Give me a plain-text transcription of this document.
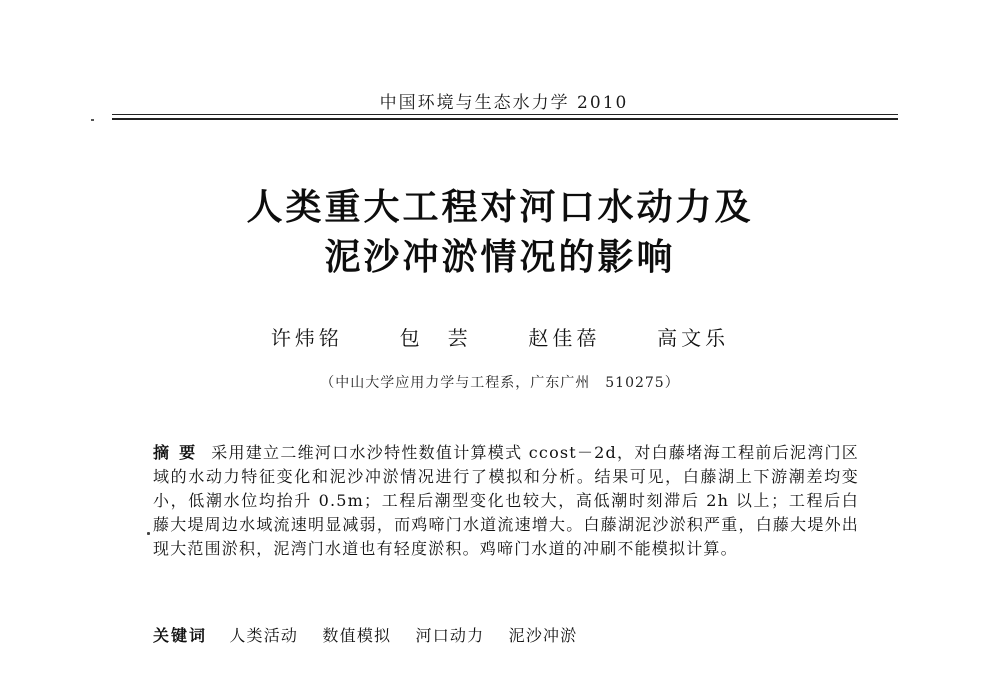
中国环境与生态水力学 2010
人类重大工程对河口水动力及
泥沙冲淤情况的影响
许炜铭 　	包　芸 　	赵佳蓓 　	高文乐
（中山大学应用力学与工程系，广东广州　510275）
摘要 采用建立二维河口水沙特性数值计算模式 ccost－2d，对白藤堵海工程前后泥湾门区域的水动力特征变化和泥沙冲淤情况进行了模拟和分析。结果可见，白藤湖上下游潮差均变小，低潮水位均抬升 0.5m；工程后潮型变化也较大，高低潮时刻滞后 2h 以上；工程后白藤大堤周边水域流速明显减弱，而鸡啼门水道流速增大。白藤湖泥沙淤积严重，白藤大堤外出现大范围淤积，泥湾门水道也有轻度淤积。鸡啼门水道的冲刷不能模拟计算。
关键词 人类活动 数值模拟 河口动力 泥沙冲淤
